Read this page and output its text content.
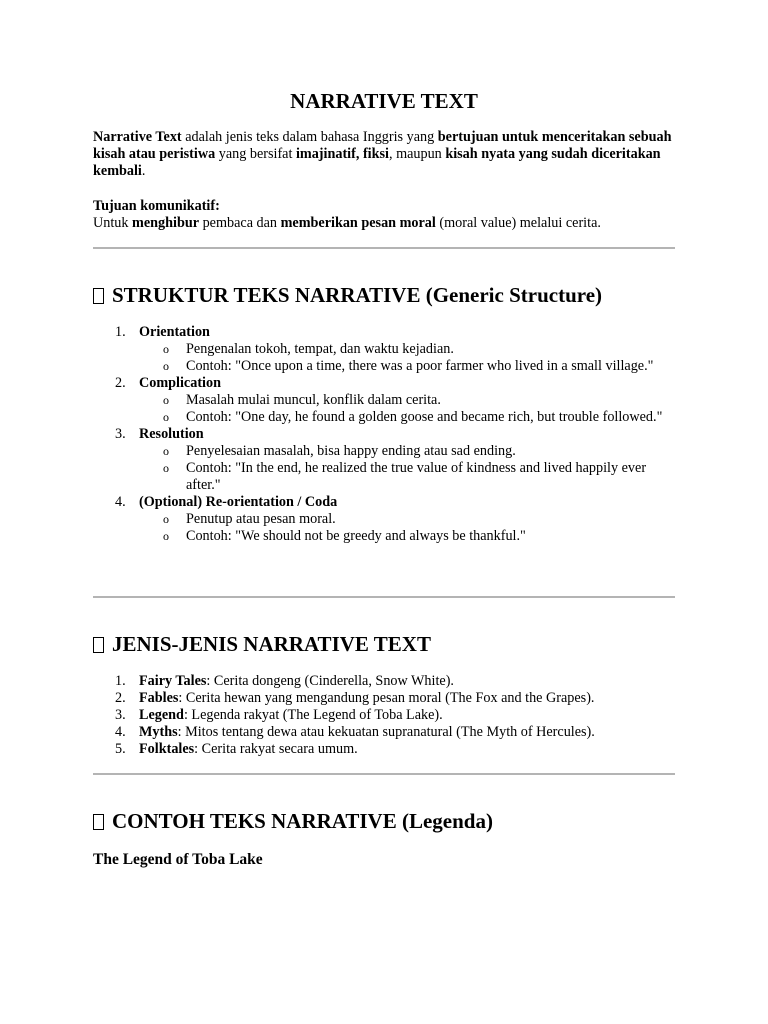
NARRATIVE TEXT
Narrative Text adalah jenis teks dalam bahasa Inggris yang bertujuan untuk menceritakan sebuah kisah atau peristiwa yang bersifat imajinatif, fiksi, maupun kisah nyata yang sudah diceritakan kembali.
Tujuan komunikatif:
Untuk menghibur pembaca dan memberikan pesan moral (moral value) melalui cerita.
STRUKTUR TEKS NARRATIVE (Generic Structure)
1. Orientation
o Pengenalan tokoh, tempat, dan waktu kejadian.
o Contoh: "Once upon a time, there was a poor farmer who lived in a small village."
2. Complication
o Masalah mulai muncul, konflik dalam cerita.
o Contoh: "One day, he found a golden goose and became rich, but trouble followed."
3. Resolution
o Penyelesaian masalah, bisa happy ending atau sad ending.
o Contoh: "In the end, he realized the true value of kindness and lived happily ever after."
4. (Optional) Re-orientation / Coda
o Penutup atau pesan moral.
o Contoh: "We should not be greedy and always be thankful."
JENIS-JENIS NARRATIVE TEXT
1. Fairy Tales: Cerita dongeng (Cinderella, Snow White).
2. Fables: Cerita hewan yang mengandung pesan moral (The Fox and the Grapes).
3. Legend: Legenda rakyat (The Legend of Toba Lake).
4. Myths: Mitos tentang dewa atau kekuatan supranatural (The Myth of Hercules).
5. Folktales: Cerita rakyat secara umum.
CONTOH TEKS NARRATIVE (Legenda)
The Legend of Toba Lake
